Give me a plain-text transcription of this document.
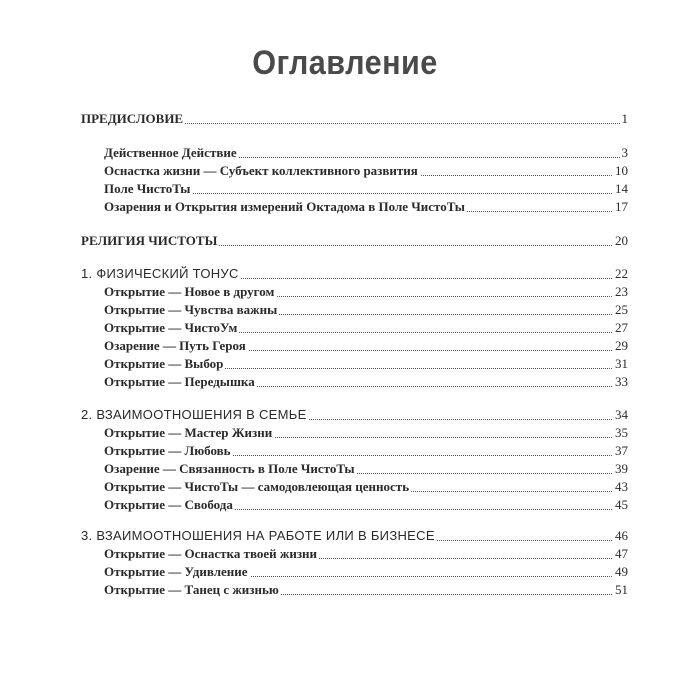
Оглавление
ПРЕДИСЛОВИЕ	1
Действенное Действие	3
Оснастка жизни — Субъект коллективного развития	10
Поле ЧистоТы	14
Озарения и Открытия измерений Октадома в Поле ЧистоТы	17
РЕЛИГИЯ ЧИСТОТЫ	20
1. ФИЗИЧЕСКИЙ ТОНУС	22
Открытие — Новое в другом	23
Открытие — Чувства важны	25
Открытие — ЧистоУм	27
Озарение — Путь Героя	29
Открытие — Выбор	31
Открытие — Передышка	33
2. ВЗАИМООТНОШЕНИЯ В СЕМЬЕ	34
Открытие — Мастер Жизни	35
Открытие — Любовь	37
Озарение — Связанность в Поле ЧистоТы	39
Открытие — ЧистоТы — самодовлеющая ценность	43
Открытие — Свобода	45
3. ВЗАИМООТНОШЕНИЯ НА РАБОТЕ ИЛИ В БИЗНЕСЕ	46
Открытие — Оснастка твоей жизни	47
Открытие — Удивление	49
Открытие — Танец с жизнью	51
